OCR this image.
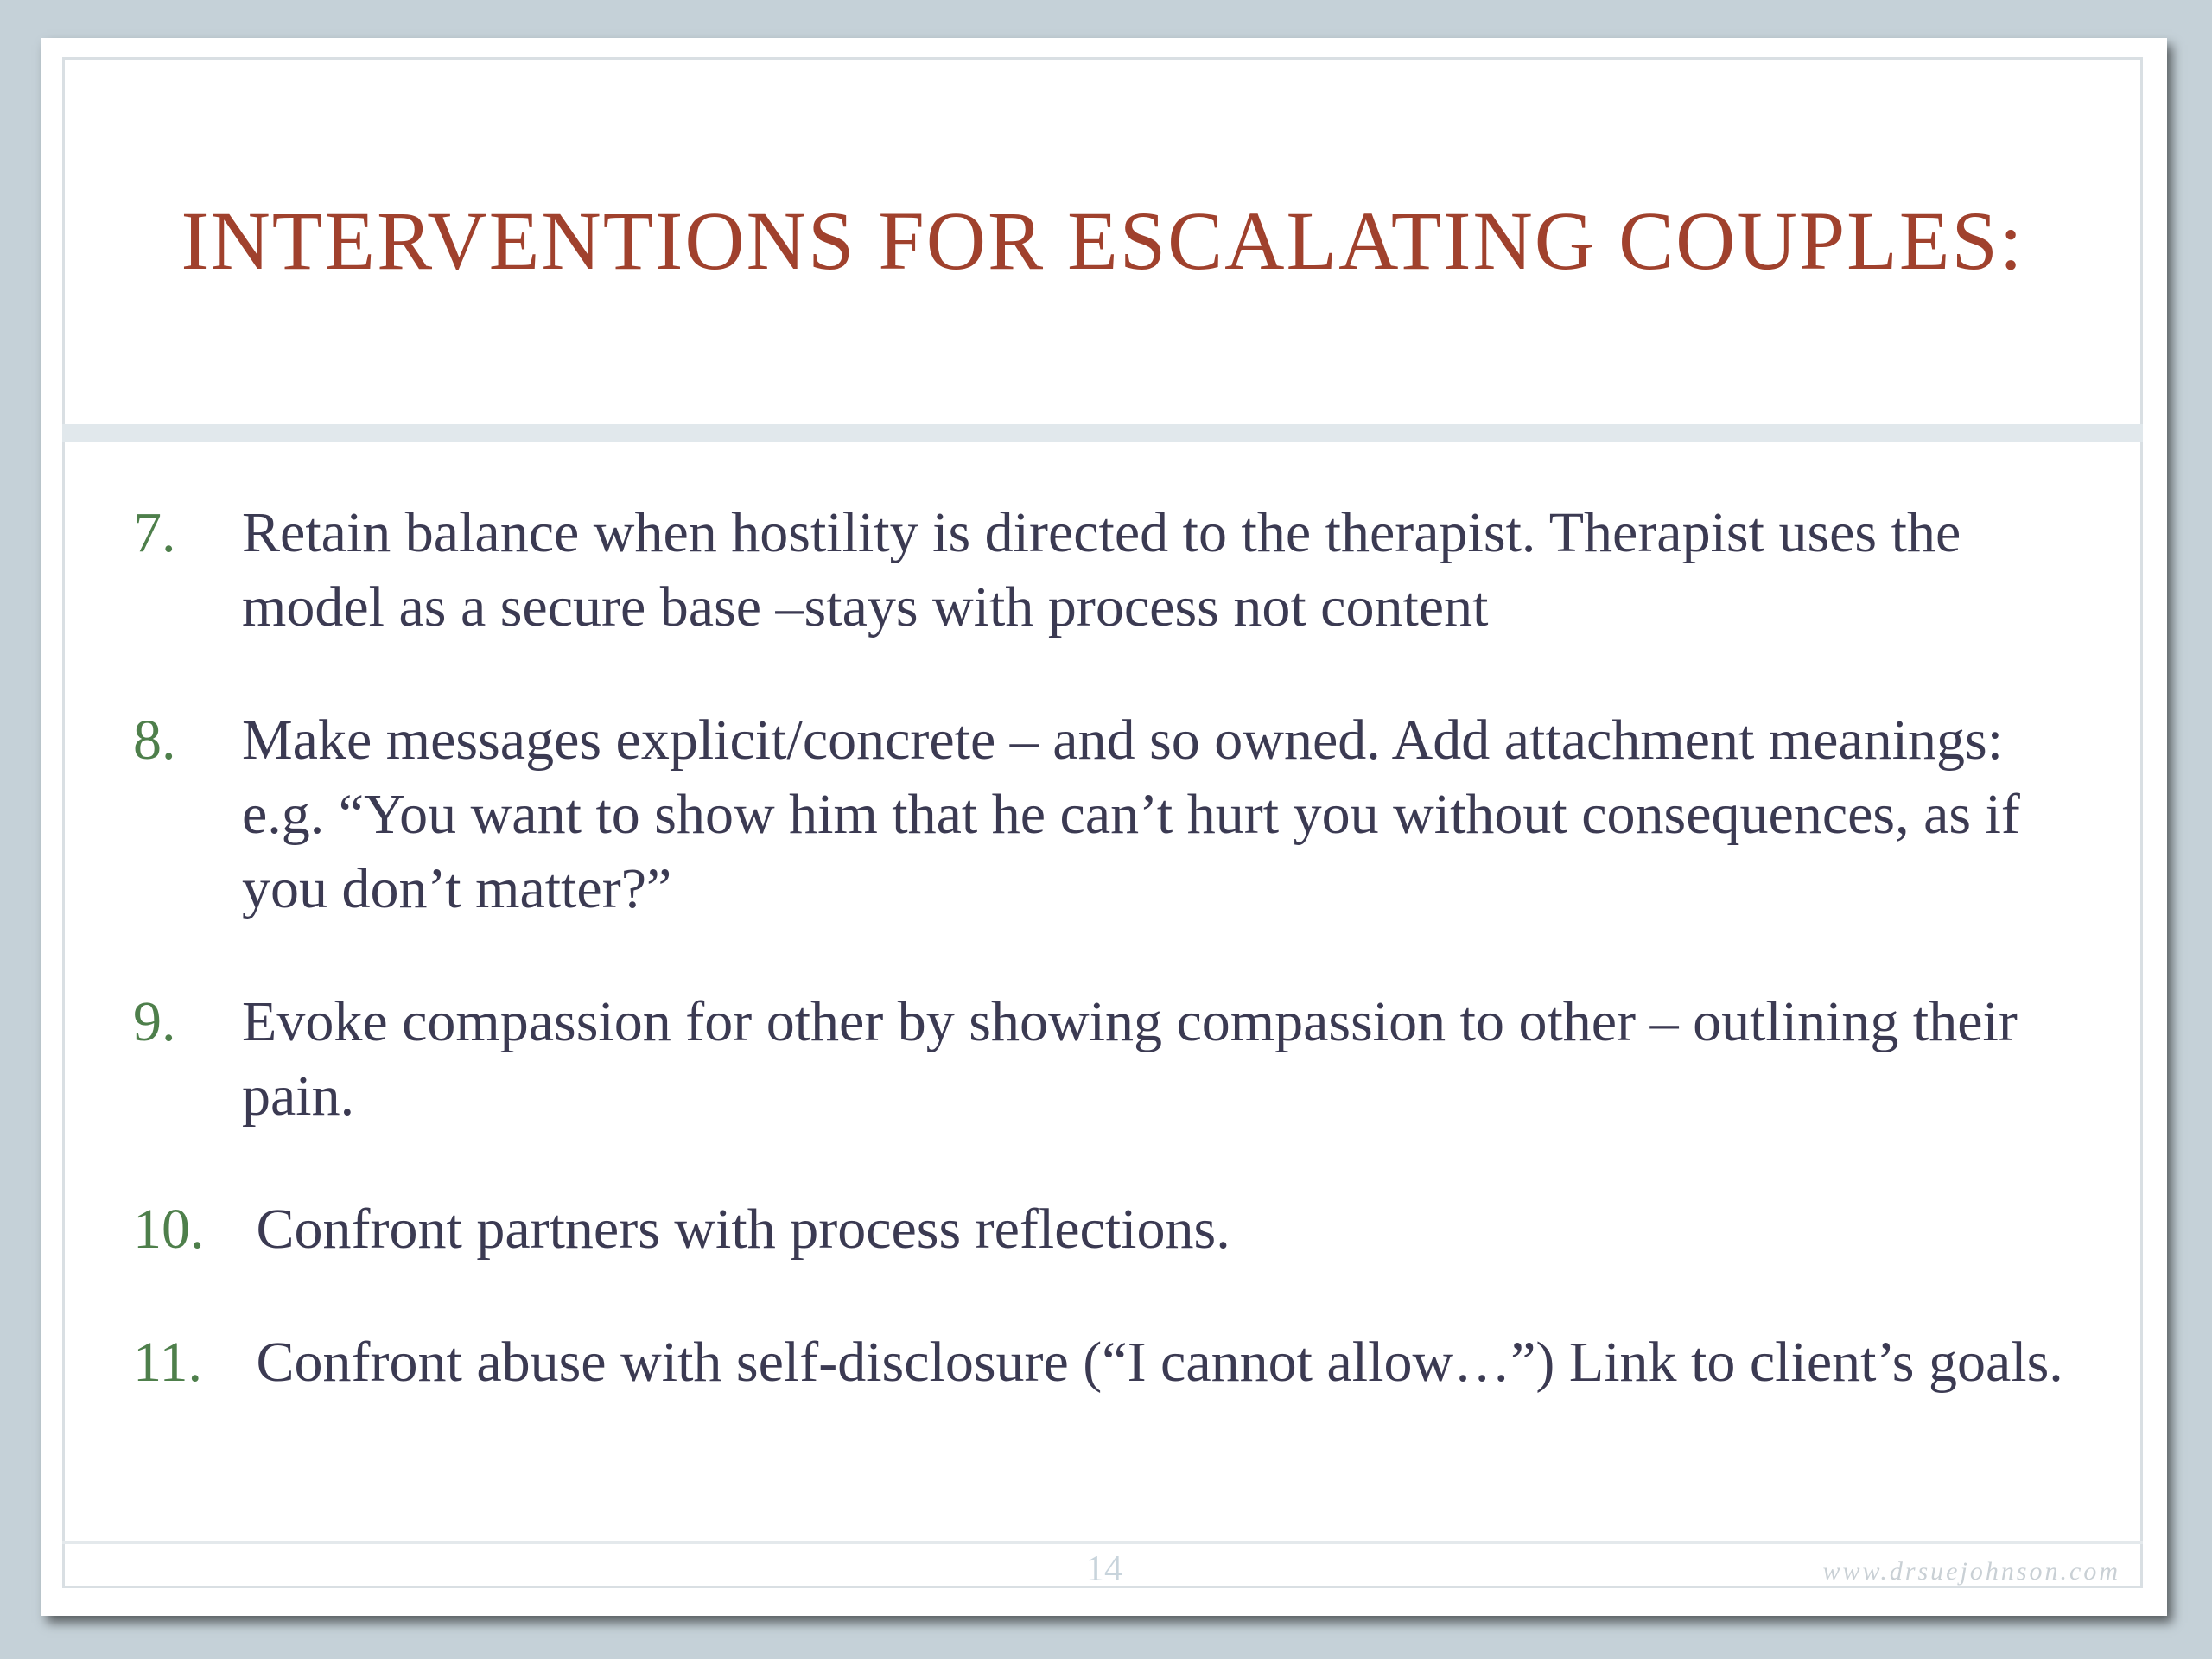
INTERVENTIONS FOR ESCALATING COUPLES:
7.	Retain balance when hostility is directed to the therapist. Therapist uses the model as a secure base –stays with process not content
8.	Make messages explicit/concrete – and so owned. Add attachment meanings: e.g. “You want to show him that he can’t hurt you without consequences, as if you don’t matter?”
9.	Evoke compassion for other by showing compassion to other – outlining their pain.
10. Confront partners with process reflections.
11. Confront abuse with self-disclosure (“I cannot allow…”) Link to client’s goals.
14	www.drsuejohnson.com
